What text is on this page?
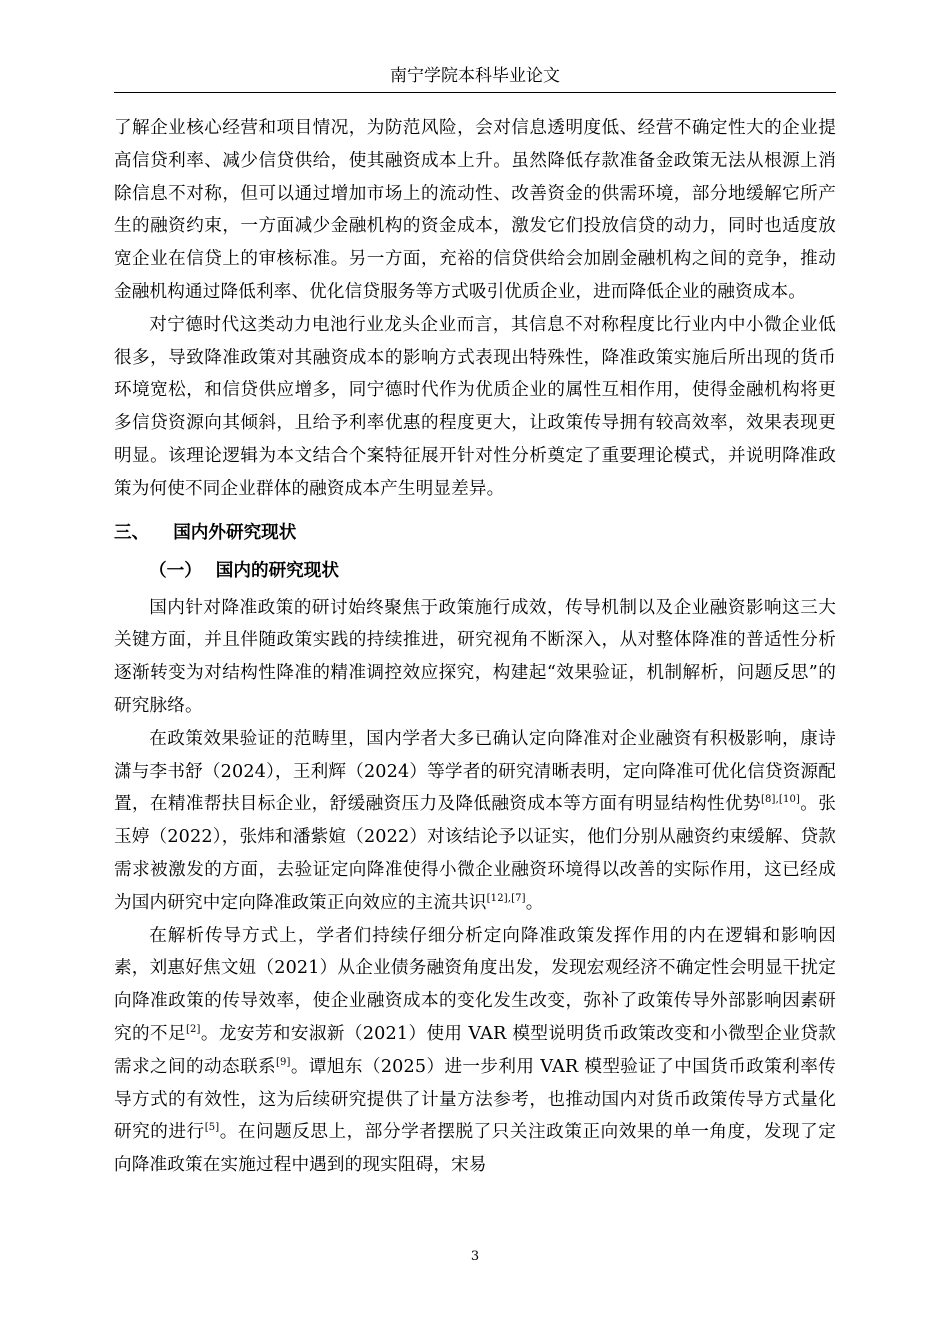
南宁学院本科毕业论文

了解企业核心经营和项目情况，为防范风险，会对信息透明度低、经营不确定性大的企业提高信贷利率、减少信贷供给，使其融资成本上升。虽然降低存款准备金政策无法从根源上消除信息不对称，但可以通过增加市场上的流动性、改善资金的供需环境，部分地缓解它所产生的融资约束，一方面减少金融机构的资金成本，激发它们投放信贷的动力，同时也适度放宽企业在信贷上的审核标准。另一方面，充裕的信贷供给会加剧金融机构之间的竞争，推动金融机构通过降低利率、优化信贷服务等方式吸引优质企业，进而降低企业的融资成本。

对宁德时代这类动力电池行业龙头企业而言，其信息不对称程度比行业内中小微企业低很多，导致降准政策对其融资成本的影响方式表现出特殊性，降准政策实施后所出现的货币环境宽松，和信贷供应增多，同宁德时代作为优质企业的属性互相作用，使得金融机构将更多信贷资源向其倾斜，且给予利率优惠的程度更大，让政策传导拥有较高效率，效果表现更明显。该理论逻辑为本文结合个案特征展开针对性分析奠定了重要理论模式，并说明降准政策为何使不同企业群体的融资成本产生明显差异。

三、 国内外研究现状
（一） 国内的研究现状

国内针对降准政策的研讨始终聚焦于政策施行成效，传导机制以及企业融资影响这三大关键方面，并且伴随政策实践的持续推进，研究视角不断深入，从对整体降准的普适性分析逐渐转变为对结构性降准的精准调控效应探究，构建起“效果验证，机制解析，问题反思”的研究脉络。

在政策效果验证的范畴里，国内学者大多已确认定向降准对企业融资有积极影响，康诗潇与李书舒（2024），王利辉（2024）等学者的研究清晰表明，定向降准可优化信贷资源配置，在精准帮扶目标企业，舒缓融资压力及降低融资成本等方面有明显结构性优势[8],[10]。张玉婷（2022），张炜和潘紫媗（2022）对该结论予以证实，他们分别从融资约束缓解、贷款需求被激发的方面，去验证定向降准使得小微企业融资环境得以改善的实际作用，这已经成为国内研究中定向降准政策正向效应的主流共识[12],[7]。

在解析传导方式上，学者们持续仔细分析定向降准政策发挥作用的内在逻辑和影响因素，刘惠好焦文妞（2021）从企业债务融资角度出发，发现宏观经济不确定性会明显干扰定向降准政策的传导效率，使企业融资成本的变化发生改变，弥补了政策传导外部影响因素研究的不足[2]。龙安芳和安淑新（2021）使用 VAR 模型说明货币政策改变和小微型企业贷款需求之间的动态联系[9]。谭旭东（2025）进一步利用 VAR 模型验证了中国货币政策利率传导方式的有效性，这为后续研究提供了计量方法参考，也推动国内对货币政策传导方式量化研究的进行[5]。在问题反思上，部分学者摆脱了只关注政策正向效果的单一角度，发现了定向降准政策在实施过程中遇到的现实阻碍，宋易

3
